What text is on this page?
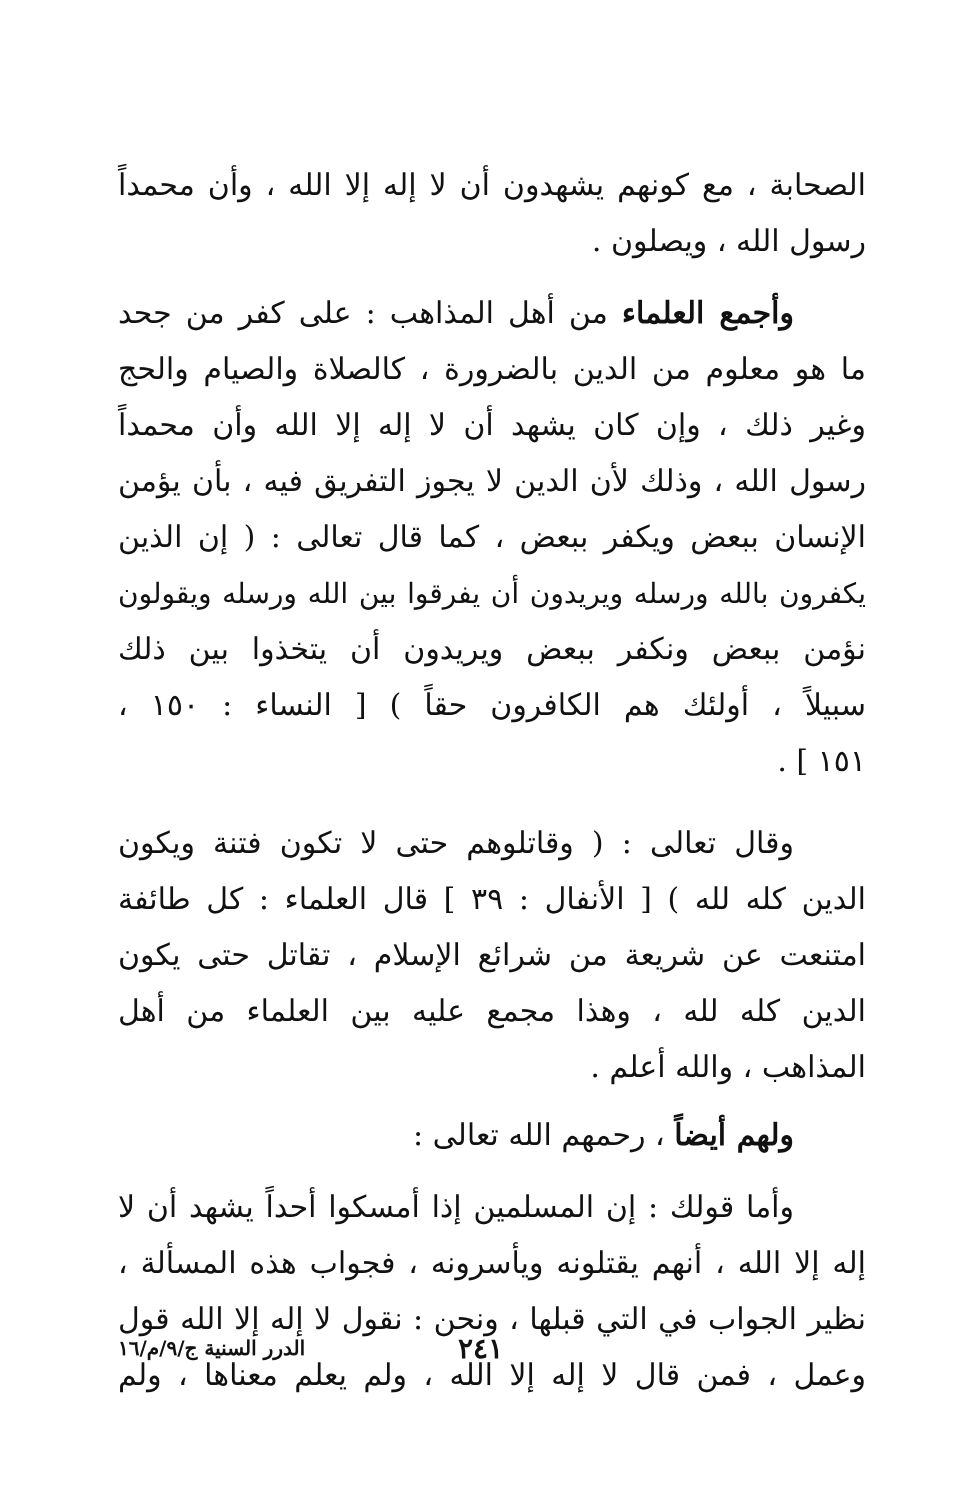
الصحابة ، مع كونهم يشهدون أن لا إله إلا الله ، وأن محمداً
رسول الله ، ويصلون .

وأجمع العلماء من أهل المذاهب : على كفر من جحد
ما هو معلوم من الدين بالضرورة ، كالصلاة والصيام والحج
وغير ذلك ، وإن كان يشهد أن لا إله إلا الله وأن محمداً
رسول الله ، وذلك لأن الدين لا يجوز التفريق فيه ، بأن يؤمن
الإنسان ببعض ويكفر ببعض ، كما قال تعالى : ( إن الذين
يكفرون بالله ورسله ويريدون أن يفرقوا بين الله ورسله ويقولون
نؤمن ببعض ونكفر ببعض ويريدون أن يتخذوا بين ذلك
سبيلاً ، أولئك هم الكافرون حقاً ) [ النساء : ١٥٠ ،
١٥١ ] .

وقال تعالى : ( وقاتلوهم حتى لا تكون فتنة ويكون
الدين كله لله ) [ الأنفال : ٣٩ ] قال العلماء : كل طائفة
امتنعت عن شريعة من شرائع الإسلام ، تقاتل حتى يكون
الدين كله لله ، وهذا مجمع عليه بين العلماء من أهل
المذاهب ، والله أعلم .

ولهم أيضاً ، رحمهم الله تعالى :

وأما قولك : إن المسلمين إذا أمسكوا أحداً يشهد أن لا
إله إلا الله ، أنهم يقتلونه ويأسرونه ، فجواب هذه المسألة ،
نظير الجواب في التي قبلها ، ونحن : نقول لا إله إلا الله قول
وعمل ، فمن قال لا إله إلا الله ، ولم يعلم معناها ، ولم

٢٤١
الدرر السنية ج/٩/م/١٦
